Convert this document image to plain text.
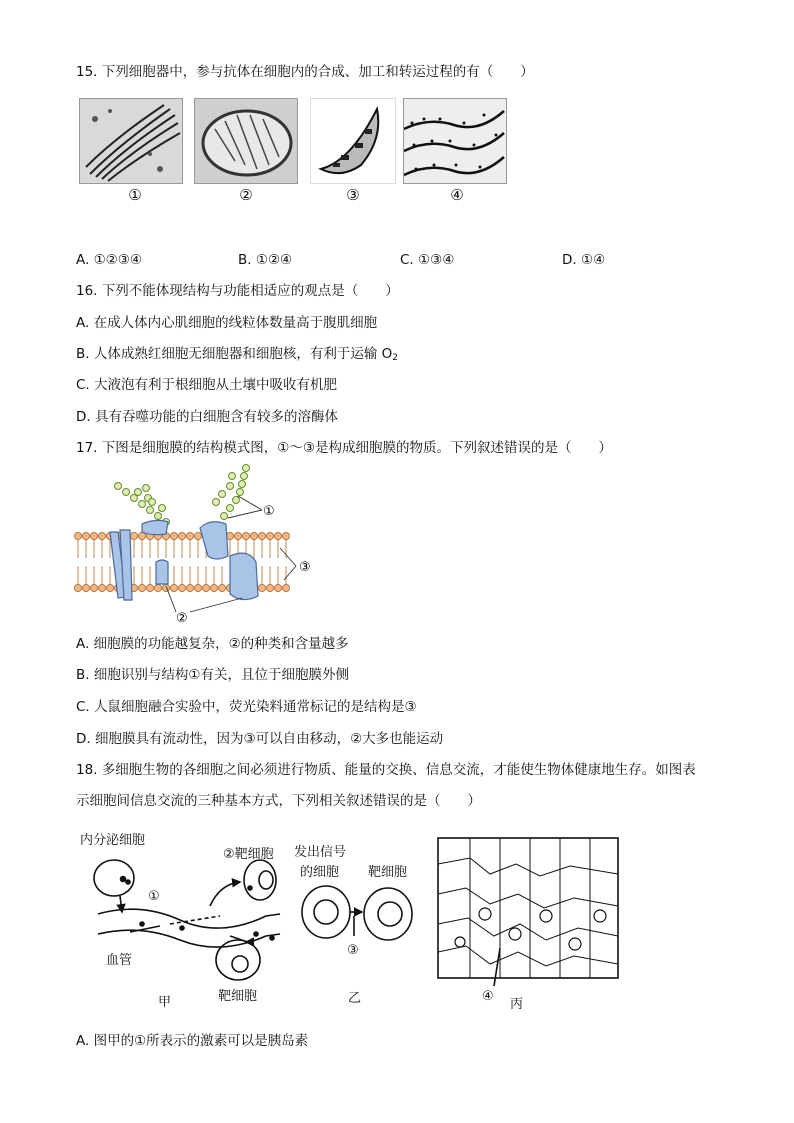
15. 下列细胞器中，参与抗体在细胞内的合成、加工和转运过程的有（　　）
①	②	③	④
A. ①②③④	B. ①②④	C. ①③④	D. ①④
16. 下列不能体现结构与功能相适应的观点是（　　）
A. 在成人体内心肌细胞的线粒体数量高于腹肌细胞
B. 人体成熟红细胞无细胞器和细胞核，有利于运输 $O_2$
C. 大液泡有利于根细胞从土壤中吸收有机肥
D. 具有吞噬功能的白细胞含有较多的溶酶体
17. 下图是细胞膜的结构模式图，①～③是构成细胞膜的物质。下列叙述错误的是（　　）
①
③
②
A. 细胞膜的功能越复杂，②的种类和含量越多
B. 细胞识别与结构①有关，且位于细胞膜外侧
C. 人鼠细胞融合实验中，荧光染料通常标记的是结构是③
D. 细胞膜具有流动性，因为③可以自由移动，②大多也能运动
18. 多细胞生物的各细胞之间必须进行物质、能量的交换、信息交流，才能使生物体健康地生存。如图表
示细胞间信息交流的三种基本方式，下列相关叙述错误的是（　　）
内分泌细胞
②靶细胞
①
血管
靶细胞
甲
发出信号
的细胞 靶细胞
③
乙	④
丙
A. 图甲的①所表示的激素可以是胰岛素
